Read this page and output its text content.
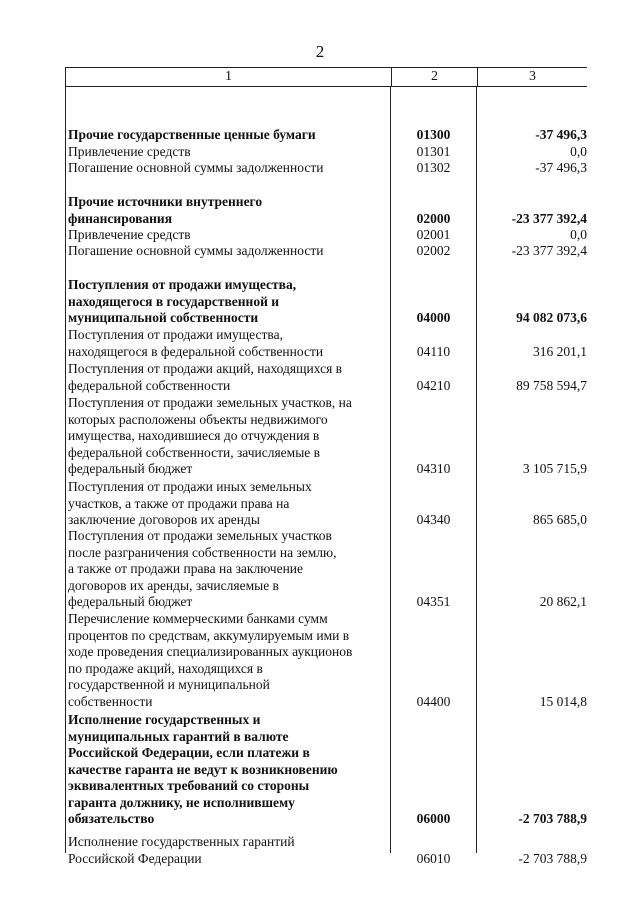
2
1	2	3
Прочие государственные ценные бумаги	01300	-37 496,3
Привлечение средств	01301	0,0
Погашение основной суммы задолженности	01302	-37 496,3
Прочие источники внутреннего
финансирования	02000	-23 377 392,4
Привлечение средств	02001	0,0
Погашение основной суммы задолженности	02002	-23 377 392,4
Поступления от продажи имущества,
находящегося в государственной и
муниципальной собственности	04000	94 082 073,6
Поступления от продажи имущества,
находящегося в федеральной собственности	04110	316 201,1
Поступления от продажи акций, находящихся в
федеральной собственности	04210	89 758 594,7
Поступления от продажи земельных участков, на
которых расположены объекты недвижимого
имущества, находившиеся до отчуждения в
федеральной собственности, зачисляемые в
федеральный бюджет	04310	3 105 715,9
Поступления от продажи иных земельных
участков, а также от продажи права на
заключение договоров их аренды	04340	865 685,0
Поступления от продажи земельных участков
после разграничения собственности на землю,
а также от продажи права на заключение
договоров их аренды, зачисляемые в
федеральный бюджет	04351	20 862,1
Перечисление коммерческими банками сумм
процентов по средствам, аккумулируемым ими в
ходе проведения специализированных аукционов
по продаже акций, находящихся в
государственной и муниципальной
собственности	04400	15 014,8
Исполнение государственных и
муниципальных гарантий в валюте
Российской Федерации, если платежи в
качестве гаранта не ведут к возникновению
эквивалентных требований со стороны
гаранта должнику, не исполнившему
обязательство	06000	-2 703 788,9
Исполнение государственных гарантий
Российской Федерации	06010	-2 703 788,9
